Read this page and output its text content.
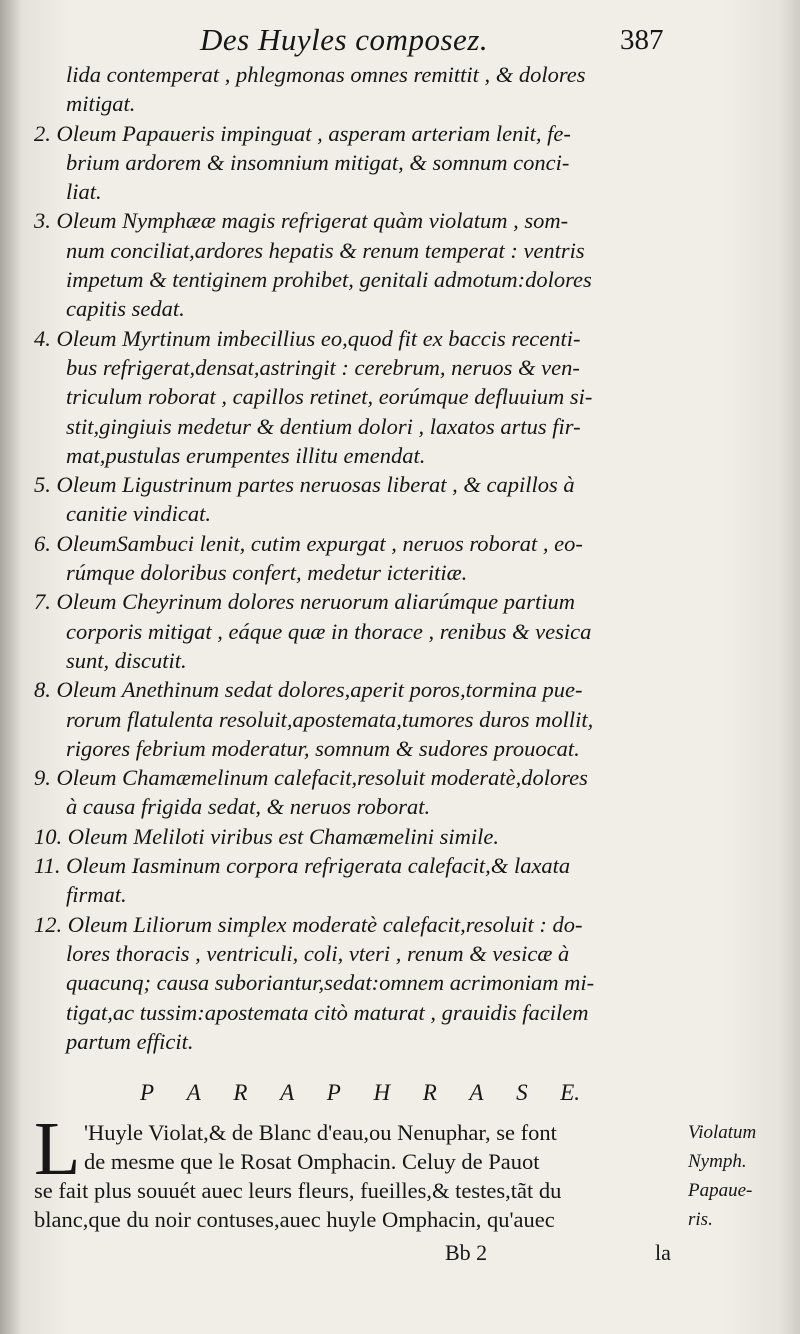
Des Huyles composez.	387
lida contemperat , phlegmonas omnes remittit , & dolores
mitigat.
2. Oleum Papaueris impinguat , asperam arteriam lenit, fe-
brium ardorem & insomnium mitigat, & somnum conci-
liat.
3. Oleum Nymphææ magis refrigerat quàm violatum , som-
num conciliat,ardores hepatis & renum temperat : ventris
impetum & tentiginem prohibet, genitali admotum:dolores
capitis sedat.
4. Oleum Myrtinum imbecillius eo,quod fit ex baccis recenti-
bus refrigerat,densat,astringit : cerebrum, neruos & ven-
triculum roborat , capillos retinet, eorúmque defluuium si-
stit,gingiuis medetur & dentium dolori , laxatos artus fir-
mat,pustulas erumpentes illitu emendat.
5. Oleum Ligustrinum partes neruosas liberat , & capillos à
canitie vindicat.
6. OleumSambuci lenit, cutim expurgat , neruos roborat , eo-
rúmque doloribus confert, medetur icteritiæ.
7. Oleum Cheyrinum dolores neruorum aliarúmque partium
corporis mitigat , eáque quæ in thorace , renibus & vesica
sunt, discutit.
8. Oleum Anethinum sedat dolores,aperit poros,tormina pue-
rorum flatulenta resoluit,apostemata,tumores duros mollit,
rigores febrium moderatur, somnum & sudores prouocat.
9. Oleum Chamæmelinum calefacit,resoluit moderatè,dolores
à causa frigida sedat, & neruos roborat.
10. Oleum Meliloti viribus est Chamæmelini simile.
11. Oleum Iasminum corpora refrigerata calefacit,& laxata
firmat.
12. Oleum Liliorum simplex moderatè calefacit,resoluit : do-
lores thoracis , ventriculi, coli, vteri , renum & vesicæ à
quacunq; causa suboriantur,sedat:omnem acrimoniam mi-
tigat,ac tussim:apostemata citò maturat , grauidis facilem
partum efficit.
P A R A P H R A S E.
L 'Huyle Violat,& de Blanc d'eau,ou Nenuphar, se font
de mesme que le Rosat Omphacin. Celuy de Pauot
se fait plus souuét auec leurs fleurs, fueilles,& testes,tãt du
blanc,que du noir contuses,auec huyle Omphacin, qu'auec
Violatum
Nymph.
Papaue-
ris.
Bb 2	la
